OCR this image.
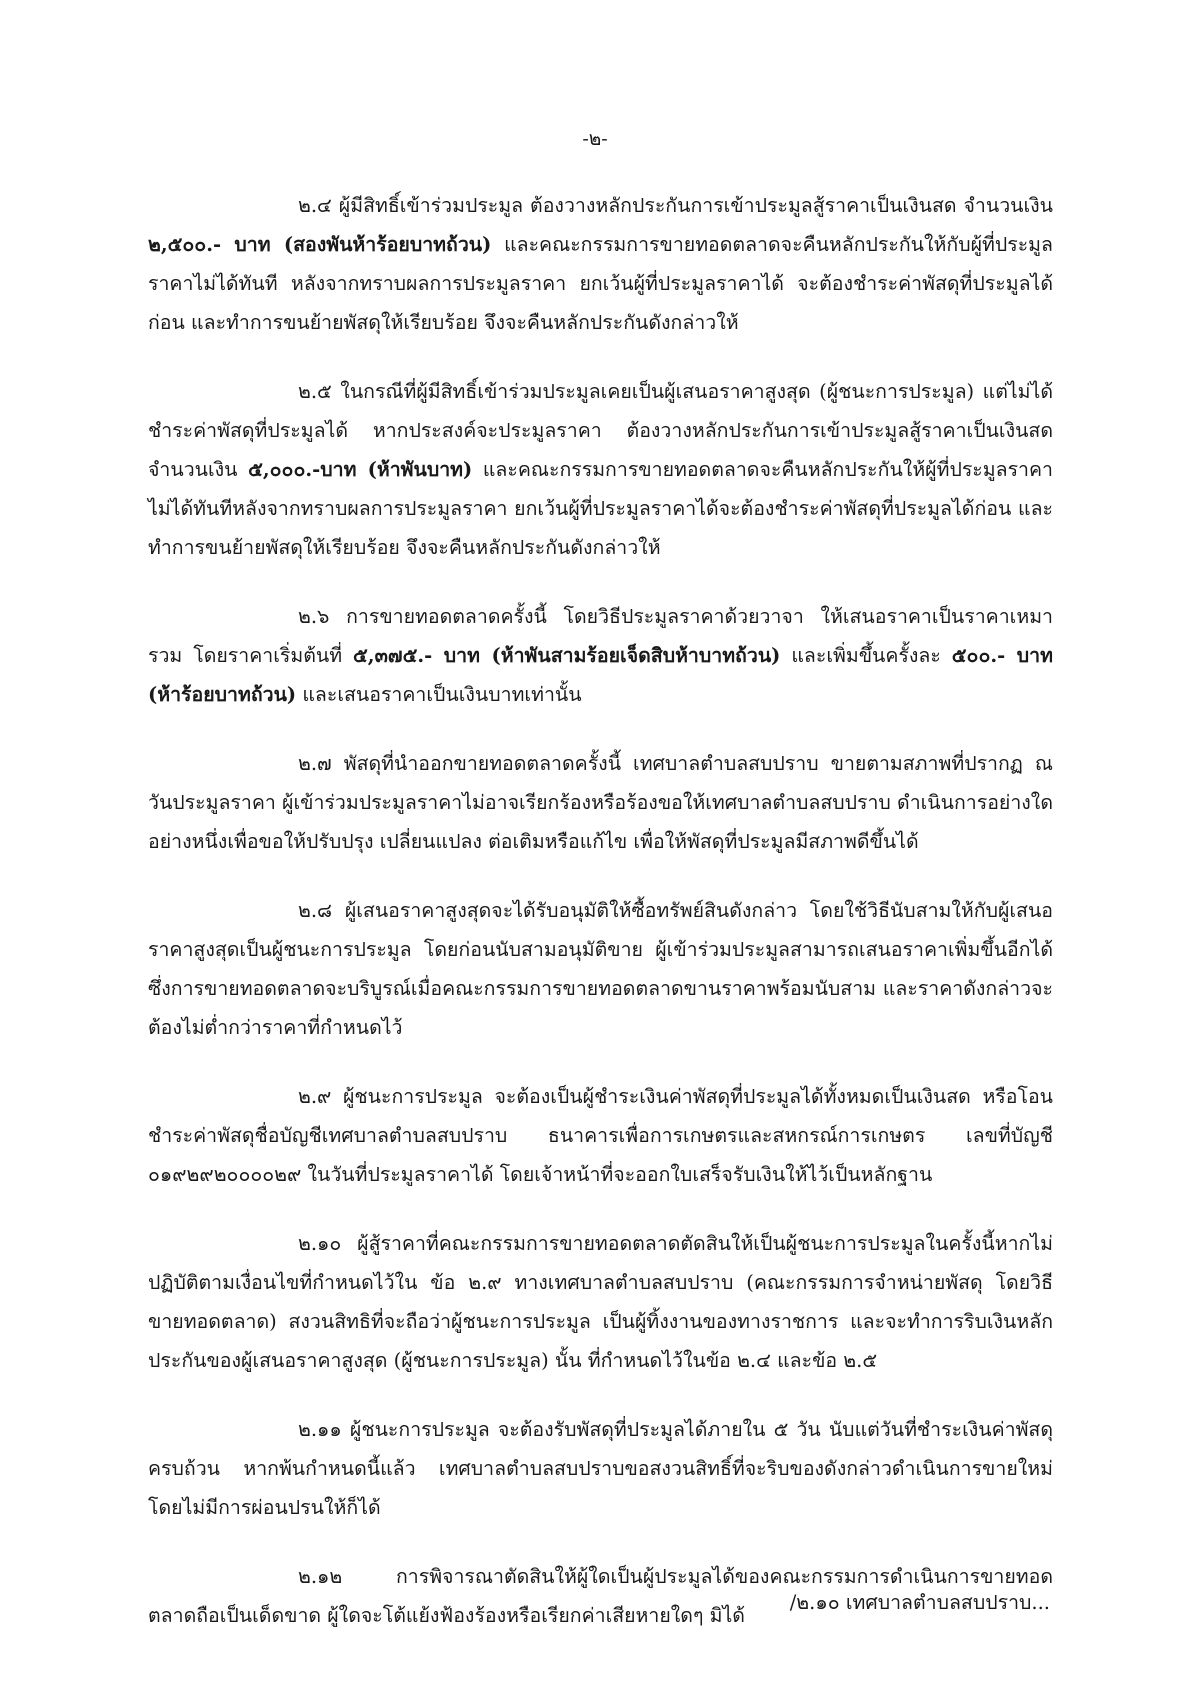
-๒-

๒.๔ ผู้มีสิทธิ์เข้าร่วมประมูล ต้องวางหลักประกันการเข้าประมูลสู้ราคาเป็นเงินสด จำนวนเงิน ๒,๕๐๐.- บาท (สองพันห้าร้อยบาทถ้วน) และคณะกรรมการขายทอดตลาดจะคืนหลักประกันให้กับผู้ที่ประมูลราคาไม่ได้ทันที หลังจากทราบผลการประมูลราคา ยกเว้นผู้ที่ประมูลราคาได้ จะต้องชำระค่าพัสดุที่ประมูลได้ก่อน และทำการขนย้ายพัสดุให้เรียบร้อย จึงจะคืนหลักประกันดังกล่าวให้

๒.๕ ในกรณีที่ผู้มีสิทธิ์เข้าร่วมประมูลเคยเป็นผู้เสนอราคาสูงสุด (ผู้ชนะการประมูล) แต่ไม่ได้ชำระค่าพัสดุที่ประมูลได้ หากประสงค์จะประมูลราคา ต้องวางหลักประกันการเข้าประมูลสู้ราคาเป็นเงินสด จำนวนเงิน ๕,๐๐๐.-บาท (ห้าพันบาท) และคณะกรรมการขายทอดตลาดจะคืนหลักประกันให้ผู้ที่ประมูลราคาไม่ได้ทันทีหลังจากทราบผลการประมูลราคา ยกเว้นผู้ที่ประมูลราคาได้จะต้องชำระค่าพัสดุที่ประมูลได้ก่อน และทำการขนย้ายพัสดุให้เรียบร้อย จึงจะคืนหลักประกันดังกล่าวให้

๒.๖ การขายทอดตลาดครั้งนี้ โดยวิธีประมูลราคาด้วยวาจา ให้เสนอราคาเป็นราคาเหมารวม โดยราคาเริ่มต้นที่ ๕,๓๗๕.- บาท (ห้าพันสามร้อยเจ็ดสิบห้าบาทถ้วน) และเพิ่มขึ้นครั้งละ ๕๐๐.- บาท (ห้าร้อยบาทถ้วน) และเสนอราคาเป็นเงินบาทเท่านั้น

๒.๗ พัสดุที่นำออกขายทอดตลาดครั้งนี้ เทศบาลตำบลสบปราบ ขายตามสภาพที่ปรากฏ ณ วันประมูลราคา ผู้เข้าร่วมประมูลราคาไม่อาจเรียกร้องหรือร้องขอให้เทศบาลตำบลสบปราบ ดำเนินการอย่างใดอย่างหนึ่งเพื่อขอให้ปรับปรุง เปลี่ยนแปลง ต่อเติมหรือแก้ไข เพื่อให้พัสดุที่ประมูลมีสภาพดีขึ้นได้

๒.๘ ผู้เสนอราคาสูงสุดจะได้รับอนุมัติให้ซื้อทรัพย์สินดังกล่าว โดยใช้วิธีนับสามให้กับผู้เสนอราคาสูงสุดเป็นผู้ชนะการประมูล โดยก่อนนับสามอนุมัติขาย ผู้เข้าร่วมประมูลสามารถเสนอราคาเพิ่มขึ้นอีกได้ ซึ่งการขายทอดตลาดจะบริบูรณ์เมื่อคณะกรรมการขายทอดตลาดขานราคาพร้อมนับสาม และราคาดังกล่าวจะต้องไม่ต่ำกว่าราคาที่กำหนดไว้

๒.๙ ผู้ชนะการประมูล จะต้องเป็นผู้ชำระเงินค่าพัสดุที่ประมูลได้ทั้งหมดเป็นเงินสด หรือโอนชำระค่าพัสดุชื่อบัญชีเทศบาลตำบลสบปราบ ธนาคารเพื่อการเกษตรและสหกรณ์การเกษตร เลขที่บัญชี ๐๑๙๒๙๒๐๐๐๐๒๙ ในวันที่ประมูลราคาได้ โดยเจ้าหน้าที่จะออกใบเสร็จรับเงินให้ไว้เป็นหลักฐาน

๒.๑๐ ผู้สู้ราคาที่คณะกรรมการขายทอดตลาดตัดสินให้เป็นผู้ชนะการประมูลในครั้งนี้หากไม่ปฏิบัติตามเงื่อนไขที่กำหนดไว้ใน ข้อ ๒.๙ ทางเทศบาลตำบลสบปราบ (คณะกรรมการจำหน่ายพัสดุ โดยวิธีขายทอดตลาด) สงวนสิทธิที่จะถือว่าผู้ชนะการประมูล เป็นผู้ทิ้งงานของทางราชการ และจะทำการริบเงินหลักประกันของผู้เสนอราคาสูงสุด (ผู้ชนะการประมูล) นั้น ที่กำหนดไว้ในข้อ ๒.๔ และข้อ ๒.๕

๒.๑๑ ผู้ชนะการประมูล จะต้องรับพัสดุที่ประมูลได้ภายใน ๕ วัน นับแต่วันที่ชำระเงินค่าพัสดุครบถ้วน หากพ้นกำหนดนี้แล้ว เทศบาลตำบลสบปราบขอสงวนสิทธิ์ที่จะริบของดังกล่าวดำเนินการขายใหม่โดยไม่มีการผ่อนปรนให้ก็ได้

๒.๑๒ การพิจารณาตัดสินให้ผู้ใดเป็นผู้ประมูลได้ของคณะกรรมการดำเนินการขายทอดตลาดถือเป็นเด็ดขาด ผู้ใดจะโต้แย้งฟ้องร้องหรือเรียกค่าเสียหายใดๆ มิได้

/๒.๑๐ เทศบาลตำบลสบปราบ...
